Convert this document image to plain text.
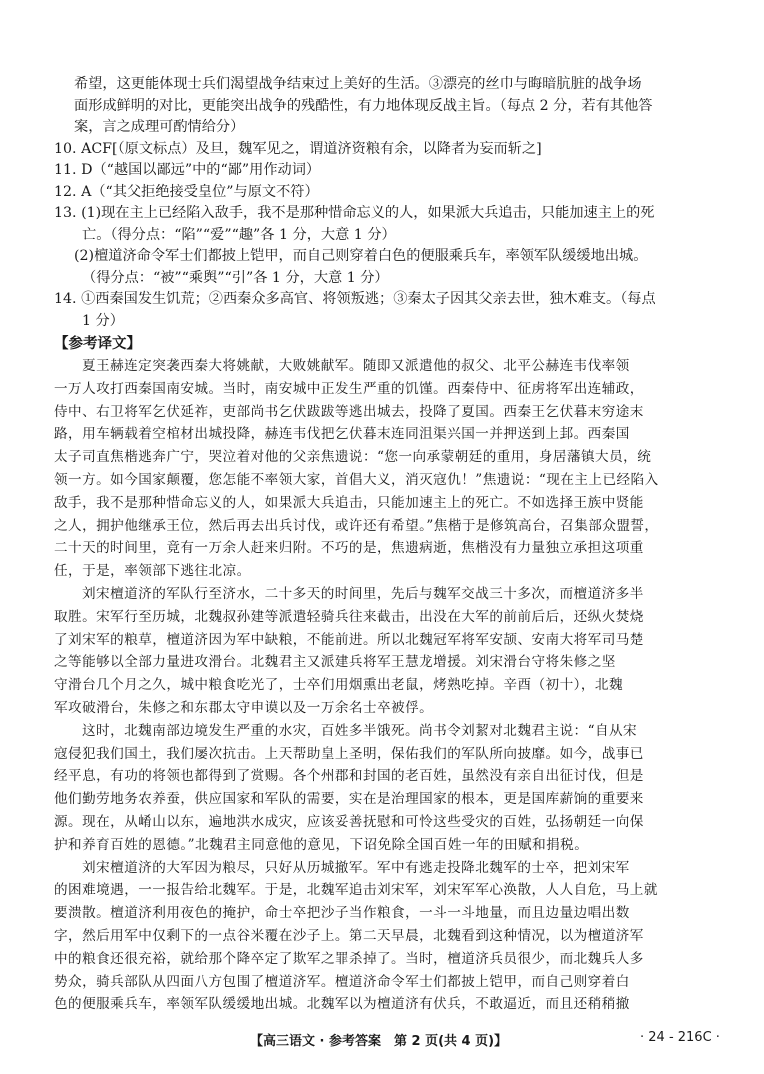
希望，这更能体现士兵们渴望战争结束过上美好的生活。③漂亮的丝巾与晦暗肮脏的战争场
面形成鲜明的对比，更能突出战争的残酷性，有力地体现反战主旨。（每点 2 分，若有其他答
案，言之成理可酌情给分）
10. ACF[（原文标点）及旦，魏军见之，谓道济资粮有余，以降者为妄而斩之]
11. D（“越国以鄙远”中的“鄙”用作动词）
12. A（“其父拒绝接受皇位”与原文不符）
13. (1)现在主上已经陷入敌手，我不是那种惜命忘义的人，如果派大兵追击，只能加速主上的死
亡。（得分点：“陷”“爱”“趣”各 1 分，大意 1 分）
(2)檀道济命令军士们都披上铠甲，而自己则穿着白色的便服乘兵车，率领军队缓缓地出城。
（得分点：“被”“乘舆”“引”各 1 分，大意 1 分）
14. ①西秦国发生饥荒；②西秦众多高官、将领叛逃；③秦太子因其父亲去世，独木难支。（每点
1 分）
【参考译文】
夏王赫连定突袭西秦大将姚献，大败姚献军。随即又派遣他的叔父、北平公赫连韦伐率领
一万人攻打西秦国南安城。当时，南安城中正发生严重的饥馑。西秦侍中、征虏将军出连辅政，
侍中、右卫将军乞伏延祚，吏部尚书乞伏跋跋等逃出城去，投降了夏国。西秦王乞伏暮末穷途末
路，用车辆载着空棺材出城投降，赫连韦伐把乞伏暮末连同沮渠兴国一并押送到上邽。西秦国
太子司直焦楷逃奔广宁，哭泣着对他的父亲焦遗说：“您一向承蒙朝廷的重用，身居藩镇大员，统
领一方。如今国家颠覆，您怎能不率领大家，首倡大义，消灭寇仇！”焦遗说：“现在主上已经陷入
敌手，我不是那种惜命忘义的人，如果派大兵追击，只能加速主上的死亡。不如选择王族中贤能
之人，拥护他继承王位，然后再去出兵讨伐，或许还有希望。”焦楷于是修筑高台，召集部众盟誓，
二十天的时间里，竟有一万余人赶来归附。不巧的是，焦遗病逝，焦楷没有力量独立承担这项重
任，于是，率领部下逃往北凉。
刘宋檀道济的军队行至济水，二十多天的时间里，先后与魏军交战三十多次，而檀道济多半
取胜。宋军行至历城，北魏叔孙建等派遣轻骑兵往来截击，出没在大军的前前后后，还纵火焚烧
了刘宋军的粮草，檀道济因为军中缺粮，不能前进。所以北魏冠军将军安颉、安南大将军司马楚
之等能够以全部力量进攻滑台。北魏君主又派建兵将军王慧龙增援。刘宋滑台守将朱修之坚
守滑台几个月之久，城中粮食吃光了，士卒们用烟熏出老鼠，烤熟吃掉。辛酉（初十），北魏
军攻破滑台，朱修之和东郡太守申谟以及一万余名士卒被俘。
这时，北魏南部边境发生严重的水灾，百姓多半饿死。尚书令刘絜对北魏君主说：“自从宋
寇侵犯我们国土，我们屡次抗击。上天帮助皇上圣明，保佑我们的军队所向披靡。如今，战事已
经平息，有功的将领也都得到了赏赐。各个州郡和封国的老百姓，虽然没有亲自出征讨伐，但是
他们勤劳地务农养蚕，供应国家和军队的需要，实在是治理国家的根本，更是国库薪饷的重要来
源。现在，从崤山以东，遍地洪水成灾，应该妥善抚慰和可怜这些受灾的百姓，弘扬朝廷一向保
护和养育百姓的恩德。”北魏君主同意他的意见，下诏免除全国百姓一年的田赋和捐税。
刘宋檀道济的大军因为粮尽，只好从历城撤军。军中有逃走投降北魏军的士卒，把刘宋军
的困难境遇，一一报告给北魏军。于是，北魏军追击刘宋军，刘宋军军心涣散，人人自危，马上就
要溃散。檀道济利用夜色的掩护，命士卒把沙子当作粮食，一斗一斗地量，而且边量边唱出数
字，然后用军中仅剩下的一点谷米覆在沙子上。第二天早晨，北魏看到这种情况，以为檀道济军
中的粮食还很充裕，就给那个降卒定了欺军之罪杀掉了。当时，檀道济兵员很少，而北魏兵人多
势众，骑兵部队从四面八方包围了檀道济军。檀道济命令军士们都披上铠甲，而自己则穿着白
色的便服乘兵车，率领军队缓缓地出城。北魏军以为檀道济有伏兵，不敢逼近，而且还稍稍撤
【高三语文 · 参考答案　第 2 页(共 4 页)】	· 24 - 216C ·
